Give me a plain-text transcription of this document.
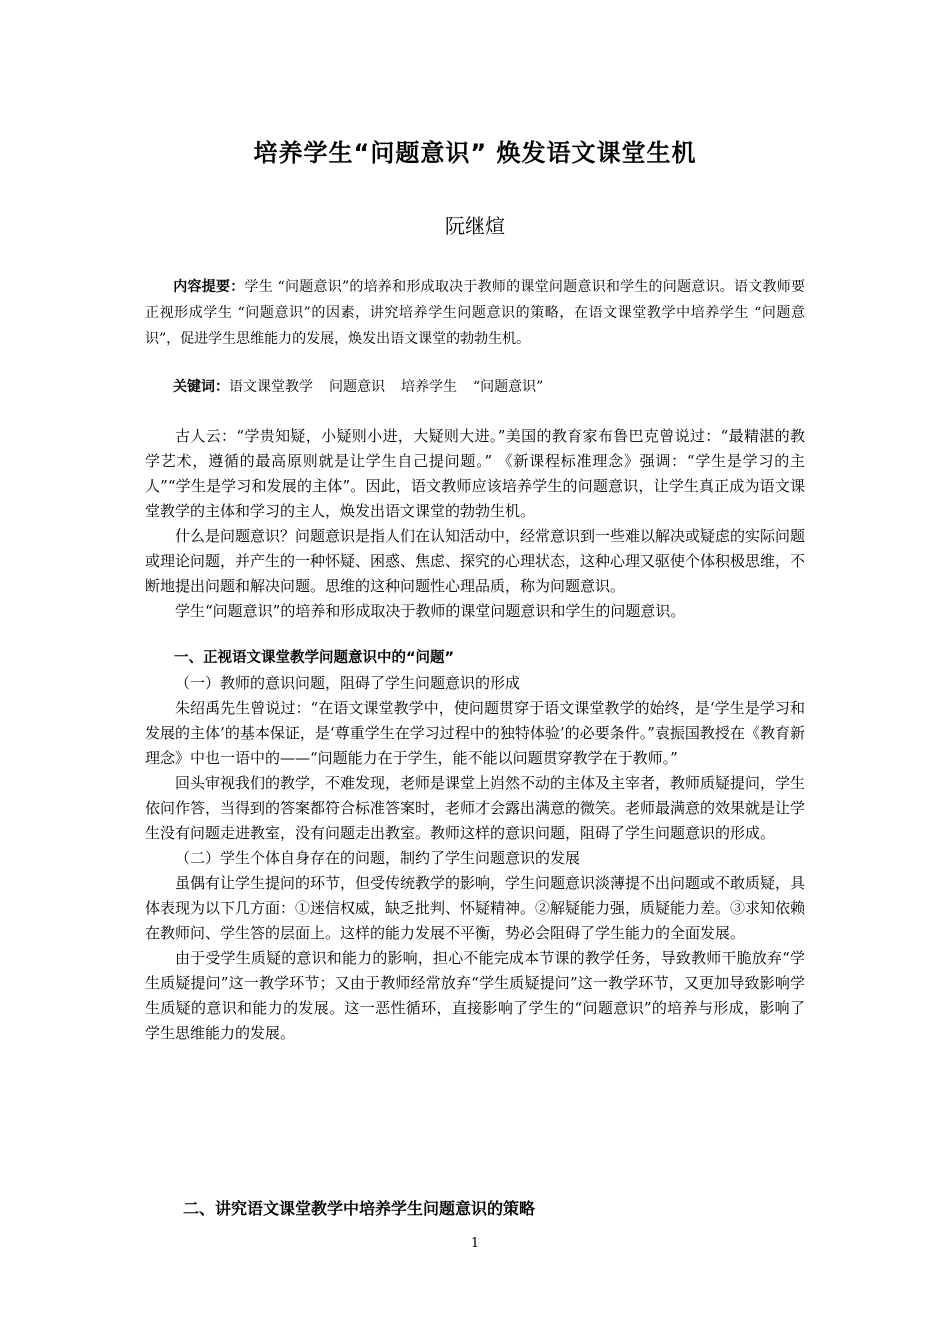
培养学生“问题意识” 焕发语文课堂生机
阮继煊
内容提要：学生 “问题意识”的培养和形成取决于教师的课堂问题意识和学生的问题意识。语文教师要正视形成学生 “问题意识”的因素，讲究培养学生问题意识的策略，在语文课堂教学中培养学生 “问题意识”，促进学生思维能力的发展，焕发出语文课堂的勃勃生机。
关键词：语文课堂教学 问题意识 培养学生 “问题意识”

古人云：“学贵知疑，小疑则小进，大疑则大进。”美国的教育家布鲁巴克曾说过：“最精湛的教学艺术，遵循的最高原则就是让学生自己提问题。” 《新课程标准理念》强调：“学生是学习的主人”“学生是学习和发展的主体”。因此，语文教师应该培养学生的问题意识，让学生真正成为语文课堂教学的主体和学习的主人，焕发出语文课堂的勃勃生机。

什么是问题意识？问题意识是指人们在认知活动中，经常意识到一些难以解决或疑虑的实际问题或理论问题，并产生的一种怀疑、困惑、焦虑、探究的心理状态，这种心理又驱使个体积极思维，不断地提出问题和解决问题。思维的这种问题性心理品质，称为问题意识。

学生“问题意识”的培养和形成取决于教师的课堂问题意识和学生的问题意识。

一、正视语文课堂教学问题意识中的“问题”
（一）教师的意识问题，阻碍了学生问题意识的形成

朱绍禹先生曾说过：“在语文课堂教学中，使问题贯穿于语文课堂教学的始终，是‘学生是学习和发展的主体’的基本保证，是‘尊重学生在学习过程中的独特体验’的必要条件。”袁振国教授在《教育新理念》中也一语中的——“问题能力在于学生，能不能以问题贯穿教学在于教师。”

回头审视我们的教学，不难发现，老师是课堂上岿然不动的主体及主宰者，教师质疑提问，学生依问作答，当得到的答案都符合标准答案时，老师才会露出满意的微笑。老师最满意的效果就是让学生没有问题走进教室，没有问题走出教室。教师这样的意识问题，阻碍了学生问题意识的形成。

（二）学生个体自身存在的问题，制约了学生问题意识的发展

虽偶有让学生提问的环节，但受传统教学的影响，学生问题意识淡薄提不出问题或不敢质疑，具体表现为以下几方面：①迷信权威，缺乏批判、怀疑精神。②解疑能力强，质疑能力差。③求知依赖在教师问、学生答的层面上。这样的能力发展不平衡，势必会阻碍了学生能力的全面发展。

由于受学生质疑的意识和能力的影响，担心不能完成本节课的教学任务，导致教师干脆放弃“学生质疑提问”这一教学环节；又由于教师经常放弃“学生质疑提问”这一教学环节，又更加导致影响学生质疑的意识和能力的发展。这一恶性循环，直接影响了学生的“问题意识”的培养与形成，影响了学生思维能力的发展。

二、讲究语文课堂教学中培养学生问题意识的策略
1
